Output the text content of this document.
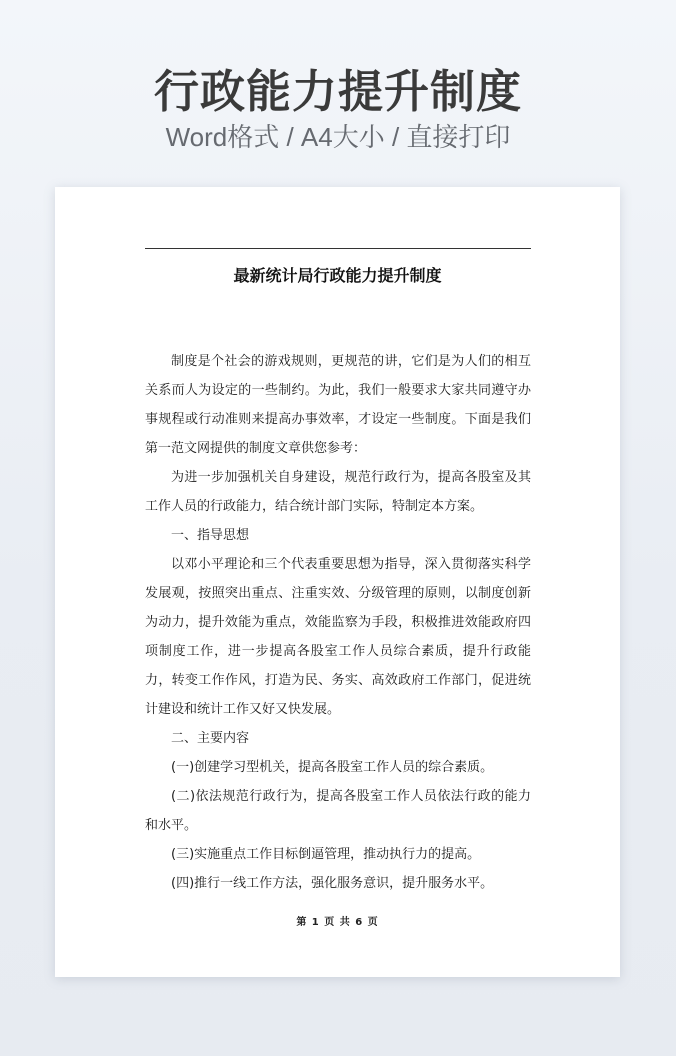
行政能力提升制度
Word格式 / A4大小 / 直接打印
最新统计局行政能力提升制度

制度是个社会的游戏规则，更规范的讲，它们是为人们的相互关系而人为设定的一些制约。为此，我们一般要求大家共同遵守办事规程或行动准则来提高办事效率，才设定一些制度。下面是我们第一范文网提供的制度文章供您参考：

为进一步加强机关自身建设，规范行政行为，提高各股室及其工作人员的行政能力，结合统计部门实际，特制定本方案。

一、指导思想

以邓小平理论和三个代表重要思想为指导，深入贯彻落实科学发展观，按照突出重点、注重实效、分级管理的原则，以制度创新为动力，提升效能为重点，效能监察为手段，积极推进效能政府四项制度工作，进一步提高各股室工作人员综合素质，提升行政能力，转变工作作风，打造为民、务实、高效政府工作部门，促进统计建设和统计工作又好又快发展。

二、主要内容

(一)创建学习型机关，提高各股室工作人员的综合素质。

(二)依法规范行政行为，提高各股室工作人员依法行政的能力和水平。

(三)实施重点工作目标倒逼管理，推动执行力的提高。

(四)推行一线工作方法，强化服务意识，提升服务水平。

第 1 页 共 6 页
